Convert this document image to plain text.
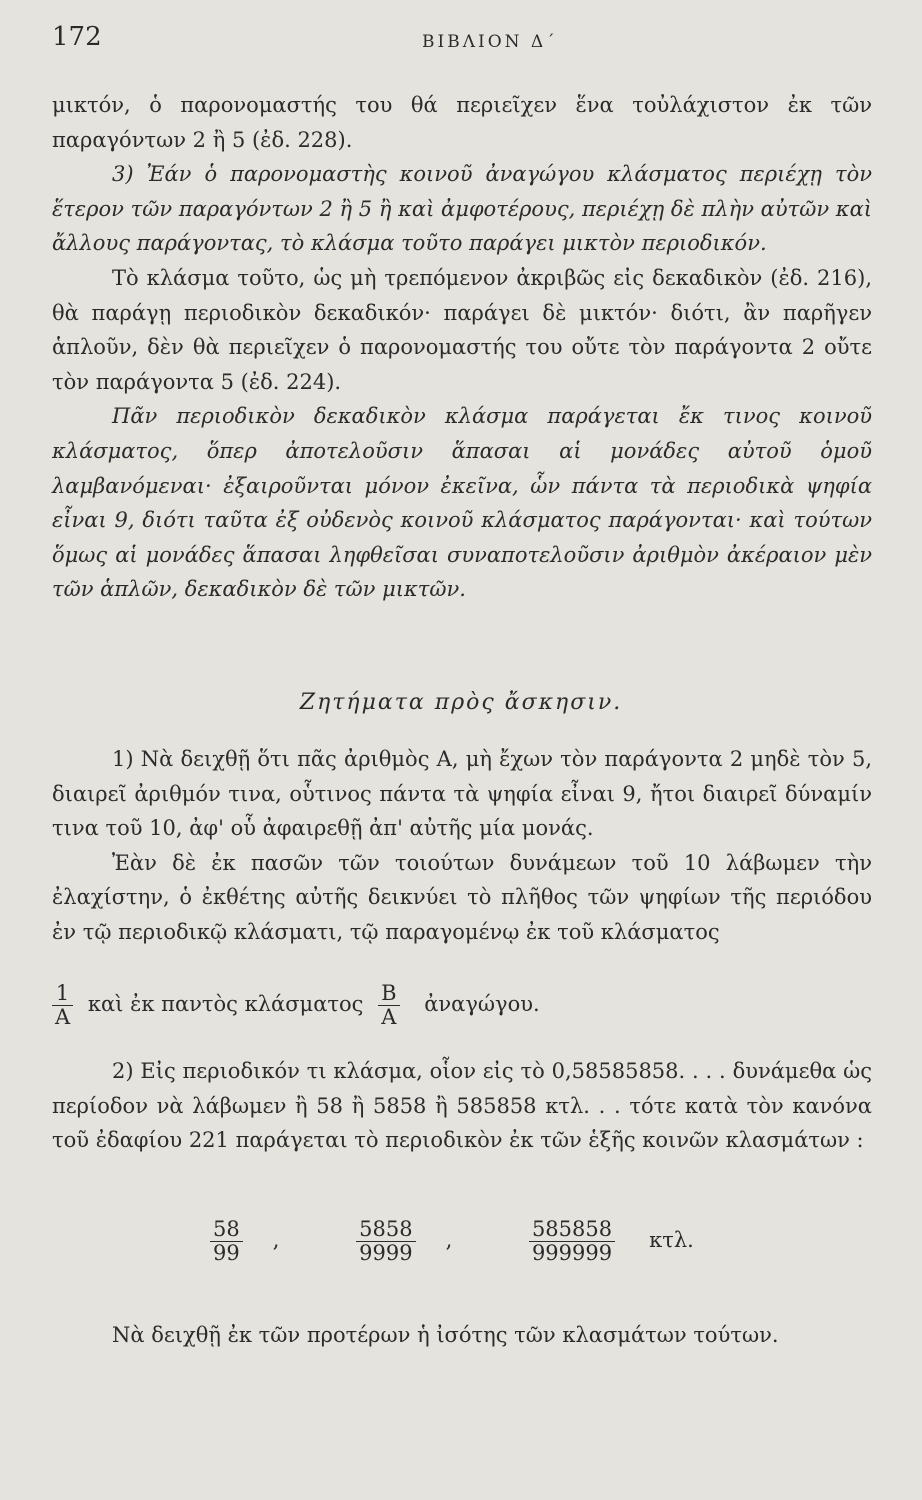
172	ΒΙΒΛΙΟΝ Δ΄

μικτόν, ὁ παρονομαστής του θά περιεῖχεν ἕνα τοὐλάχιστον ἐκ τῶν παραγόντων 2 ἢ 5 (ἐδ. 228).

3) Ἐάν ὁ παρονομαστὴς κοινοῦ ἀναγώγου κλάσματος περιέχῃ τὸν ἕτερον τῶν παραγόντων 2 ἢ 5 ἢ καὶ ἀμφοτέρους, περιέχῃ δὲ πλὴν αὐτῶν καὶ ἄλλους παράγοντας, τὸ κλάσμα τοῦτο παράγει μικτὸν περιοδικόν.

Τὸ κλάσμα τοῦτο, ὡς μὴ τρεπόμενον ἀκριβῶς εἰς δεκαδικὸν (ἐδ. 216), θὰ παράγῃ περιοδικὸν δεκαδικόν· παράγει δὲ μικτόν· διότι, ἂν παρῆγεν ἁπλοῦν, δὲν θὰ περιεῖχεν ὁ παρονομαστής του οὔτε τὸν παράγοντα 2 οὔτε τὸν παράγοντα 5 (ἐδ. 224).

Πᾶν περιοδικὸν δεκαδικὸν κλάσμα παράγεται ἔκ τινος κοινοῦ κλάσματος, ὅπερ ἀποτελοῦσιν ἅπασαι αἱ μονάδες αὐτοῦ ὁμοῦ λαμβανόμεναι· ἐξαιροῦνται μόνον ἐκεῖνα, ὧν πάντα τὰ περιοδικὰ ψηφία εἶναι 9, διότι ταῦτα ἐξ οὐδενὸς κοινοῦ κλάσματος παράγονται· καὶ τούτων ὅμως αἱ μονάδες ἅπασαι ληφθεῖσαι συναποτελοῦσιν ἀριθμὸν ἀκέραιον μὲν τῶν ἁπλῶν, δεκαδικὸν δὲ τῶν μικτῶν.

Ζητήματα πρὸς ἄσκησιν.

1) Νὰ δειχθῇ ὅτι πᾶς ἀριθμὸς Α, μὴ ἔχων τὸν παράγοντα 2 μηδὲ τὸν 5, διαιρεῖ ἀριθμόν τινα, οὗτινος πάντα τὰ ψηφία εἶναι 9, ἤτοι διαιρεῖ δύναμίν τινα τοῦ 10, ἀφ' οὗ ἀφαιρεθῇ ἀπ' αὐτῆς μία μονάς.

Ἐὰν δὲ ἐκ πασῶν τῶν τοιούτων δυνάμεων τοῦ 10 λάβωμεν τὴν ἐλαχίστην, ὁ ἐκθέτης αὐτῆς δεικνύει τὸ πλῆθος τῶν ψηφίων τῆς περιόδου ἐν τῷ περιοδικῷ κλάσματι, τῷ παραγομένῳ ἐκ τοῦ κλάσματος

$\frac{1}{A}$ καὶ ἐκ παντὸς κλάσματος $\frac{B}{A}$ ἀναγώγου.

2) Εἰς περιοδικόν τι κλάσμα, οἷον εἰς τὸ 0,58585858. . . . δυνάμεθα ὡς περίοδον νὰ λάβωμεν ἢ 58 ἢ 5858 ἢ 585858 κτλ. . . τότε κατὰ τὸν κανόνα τοῦ ἐδαφίου 221 παράγεται τὸ περιοδικὸν ἐκ τῶν ἑξῆς κοινῶν κλασμάτων :

$\frac{58}{99}$ ,	$\frac{5858}{9999}$ ,	$\frac{585858}{999999} \kappa\tau\lambda$.

Νὰ δειχθῇ ἐκ τῶν προτέρων ἡ ἰσότης τῶν κλασμάτων τούτων.
